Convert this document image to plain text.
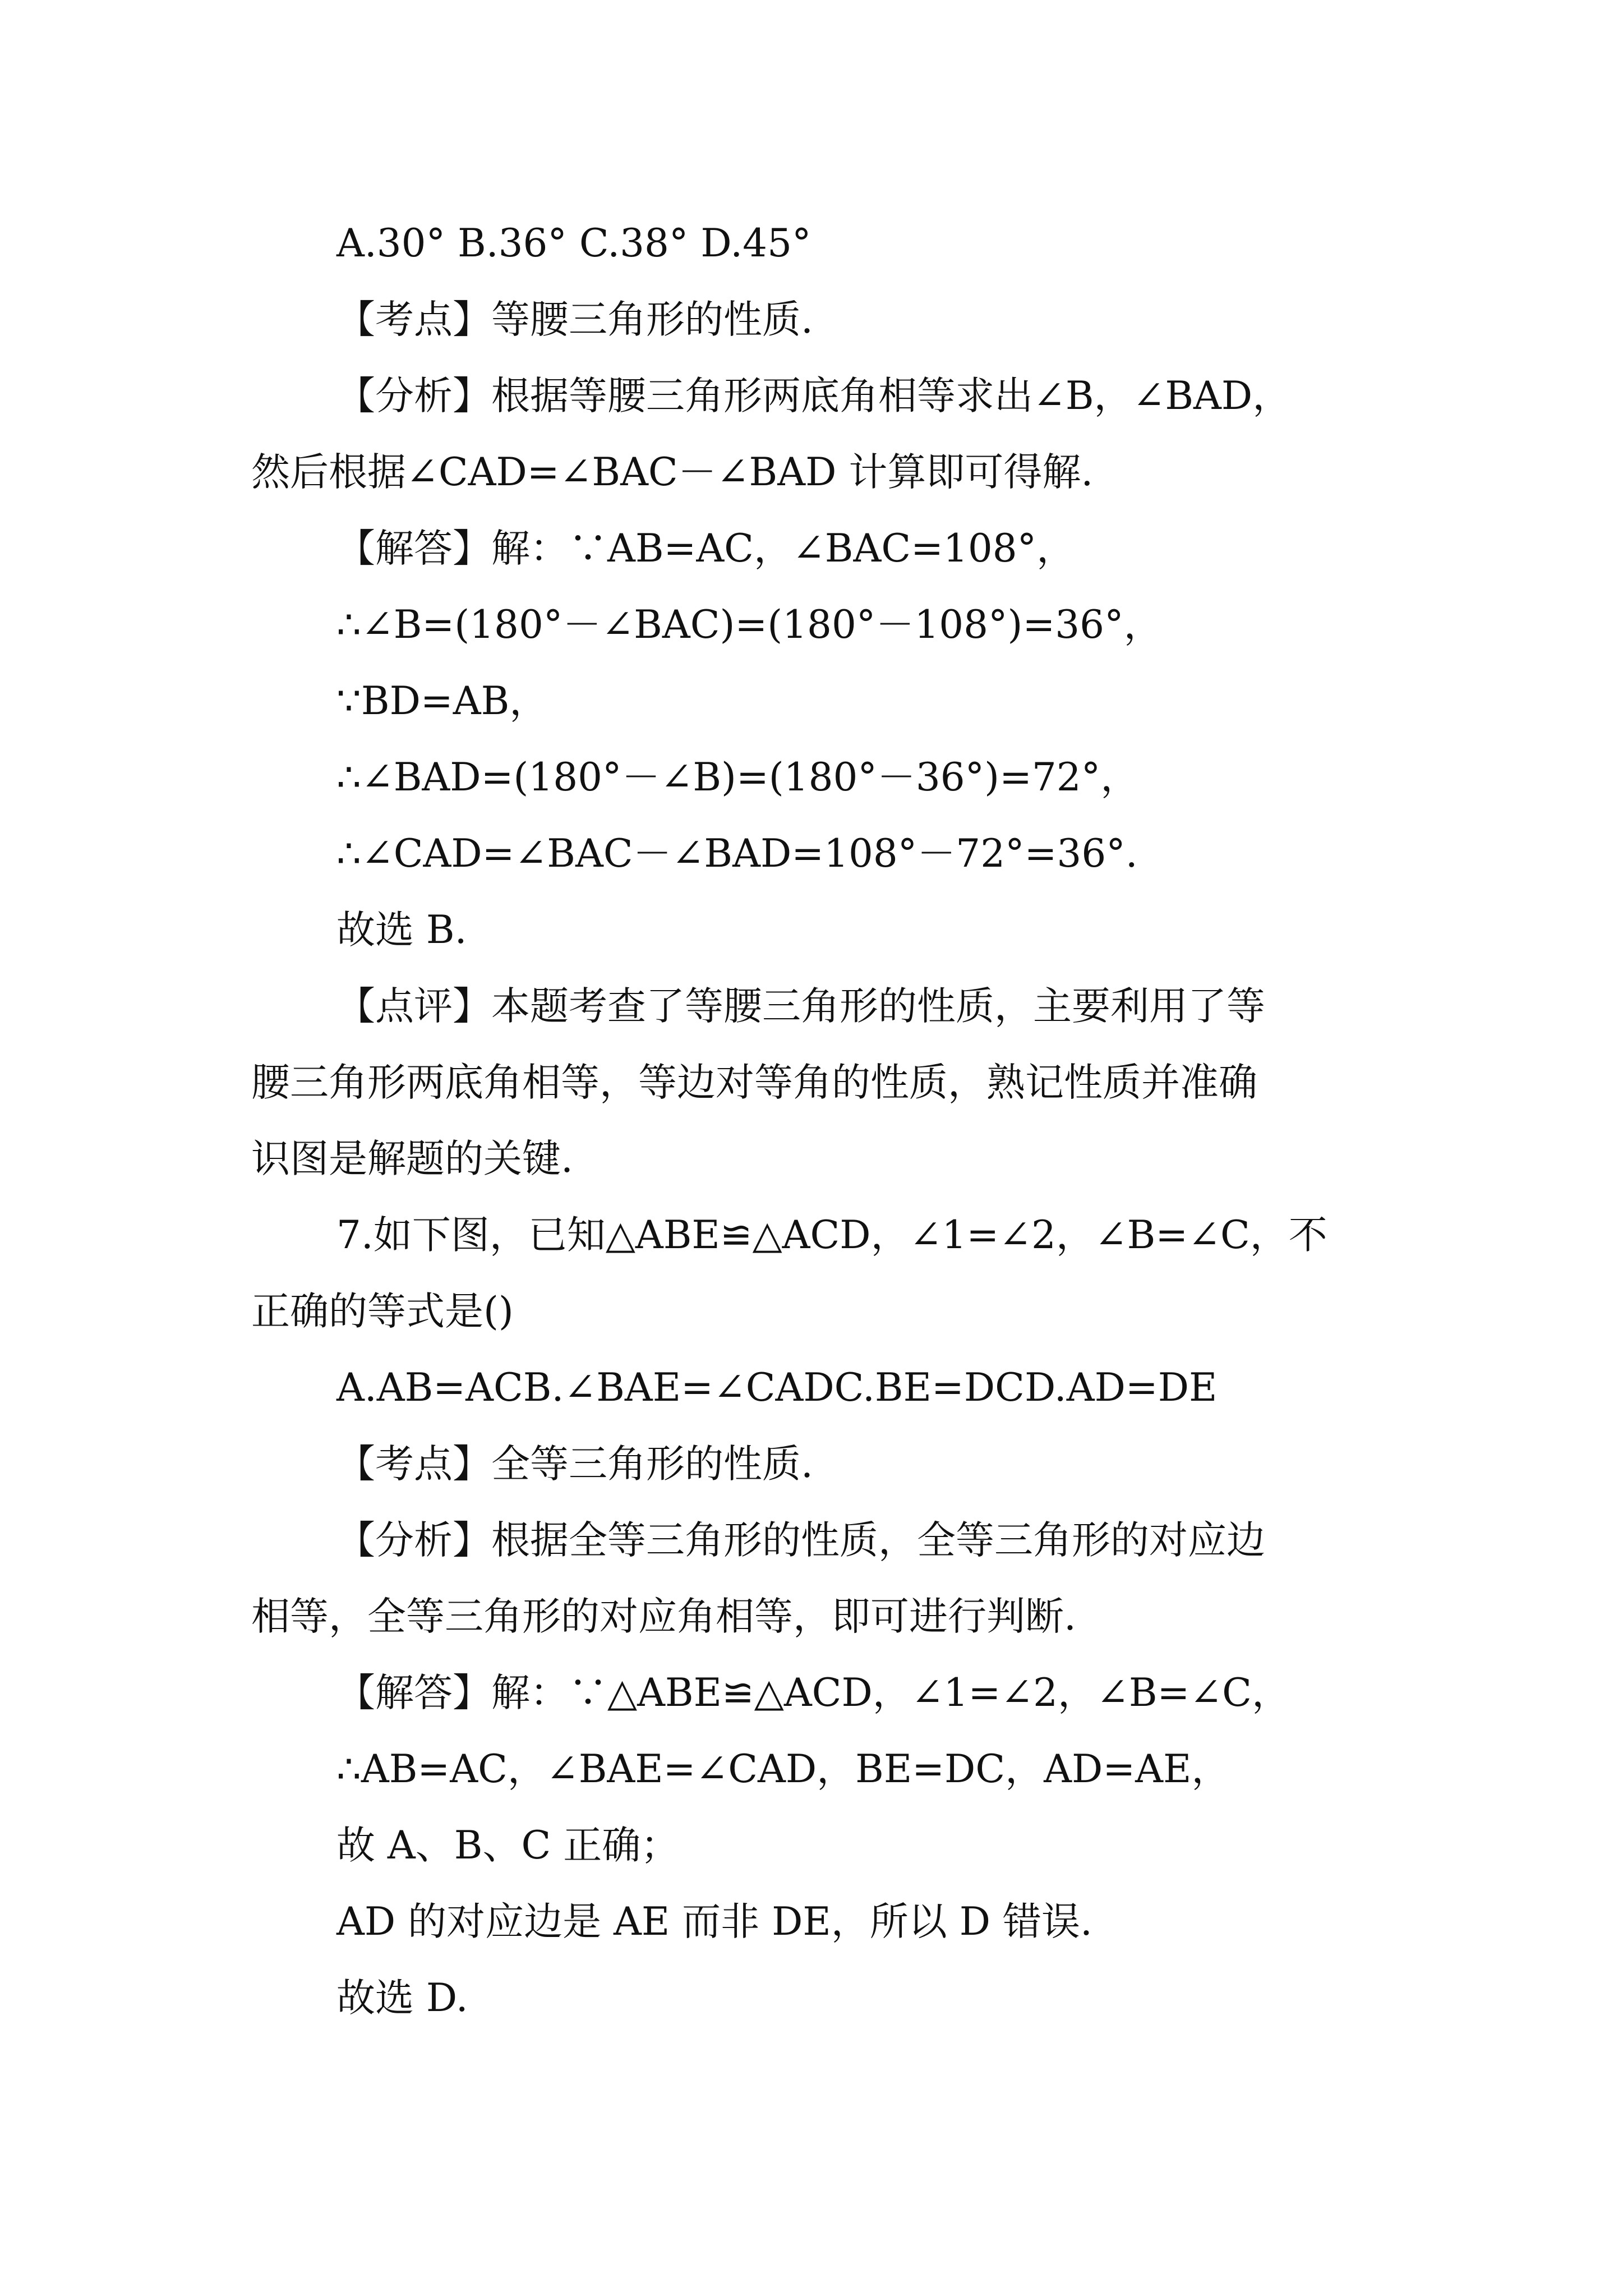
A.30° B.36° C.38° D.45°
【考点】等腰三角形的性质.
【分析】根据等腰三角形两底角相等求出∠B，∠BAD，
然后根据∠CAD=∠BAC－∠BAD 计算即可得解.
【解答】解：∵AB=AC，∠BAC=108°，
∴∠B=(180°－∠BAC)=(180°－108°)=36°，
∵BD=AB，
∴∠BAD=(180°－∠B)=(180°－36°)=72°，
∴∠CAD=∠BAC－∠BAD=108°－72°=36°.
故选 B.
【点评】本题考查了等腰三角形的性质，主要利用了等
腰三角形两底角相等，等边对等角的性质，熟记性质并准确
识图是解题的关键.
7.如下图，已知△ABE≌△ACD，∠1=∠2，∠B=∠C，不
正确的等式是()
A.AB=ACB.∠BAE=∠CADC.BE=DCD.AD=DE
【考点】全等三角形的性质.
【分析】根据全等三角形的性质，全等三角形的对应边
相等，全等三角形的对应角相等，即可进行判断.
【解答】解：∵△ABE≌△ACD，∠1=∠2，∠B=∠C，
∴AB=AC，∠BAE=∠CAD，BE=DC，AD=AE，
故 A、B、C 正确；
AD 的对应边是 AE 而非 DE，所以 D 错误.
故选 D.
